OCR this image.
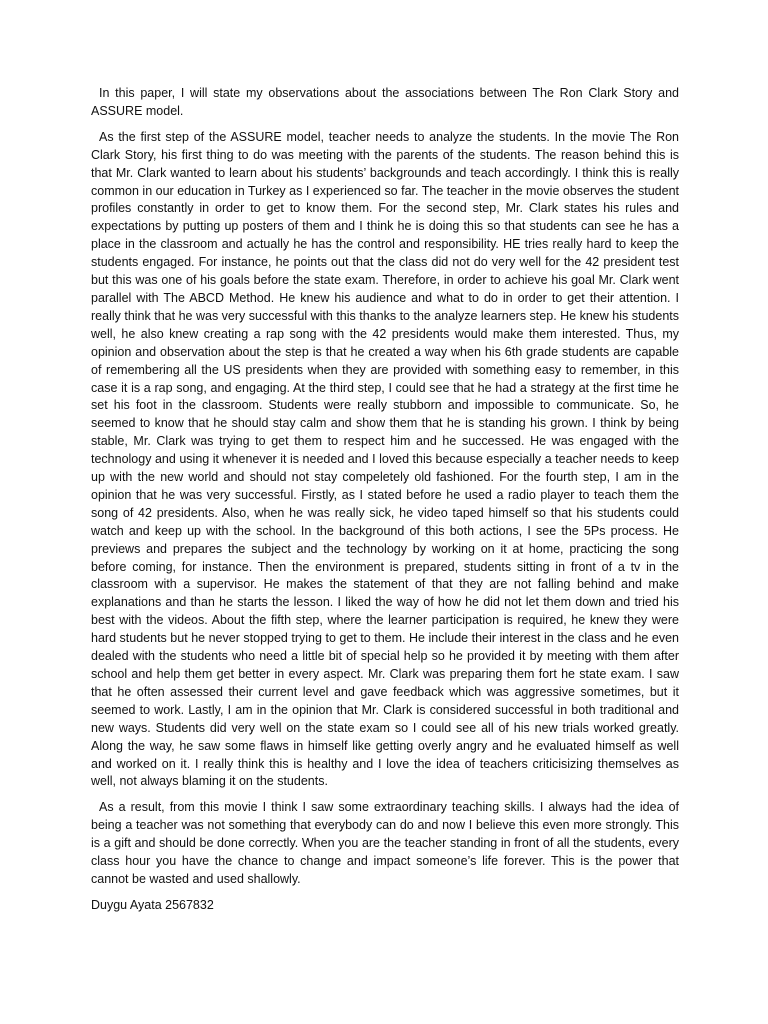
In this paper, I will state my observations about the associations between The Ron Clark Story and ASSURE model.

As the first step of the ASSURE model, teacher needs to analyze the students. In the movie The Ron Clark Story, his first thing to do was meeting with the parents of the students. The reason behind this is that Mr. Clark wanted to learn about his students’ backgrounds and teach accordingly. I think this is really common in our education in Turkey as I experienced so far. The teacher in the movie observes the student profiles constantly in order to get to know them. For the second step, Mr. Clark states his rules and expectations by putting up posters of them and I think he is doing this so that students can see he has a place in the classroom and actually he has the control and responsibility. HE tries really hard to keep the students engaged. For instance, he points out that the class did not do very well for the 42 president test but this was one of his goals before the state exam. Therefore, in order to achieve his goal Mr. Clark went parallel with The ABCD Method. He knew his audience and what to do in order to get their attention. I really think that he was very successful with this thanks to the analyze learners step. He knew his students well, he also knew creating a rap song with the 42 presidents would make them interested. Thus, my opinion and observation about the step is that he created a way when his 6th grade students are capable of remembering all the US presidents when they are provided with something easy to remember, in this case it is a rap song, and engaging. At the third step, I could see that he had a strategy at the first time he set his foot in the classroom. Students were really stubborn and impossible to communicate. So, he seemed to know that he should stay calm and show them that he is standing his grown. I think by being stable, Mr. Clark was trying to get them to respect him and he successed. He was engaged with the technology and using it whenever it is needed and I loved this because especially a teacher needs to keep up with the new world and should not stay compeletely old fashioned. For the fourth step, I am in the opinion that he was very successful. Firstly, as I stated before he used a radio player to teach them the song of 42 presidents. Also, when he was really sick, he video taped himself so that his students could watch and keep up with the school. In the background of this both actions, I see the 5Ps process. He previews and prepares the subject and the technology by working on it at home, practicing the song before coming, for instance. Then the environment is prepared, students sitting in front of a tv in the classroom with a supervisor. He makes the statement of that they are not falling behind and make explanations and than he starts the lesson. I liked the way of how he did not let them down and tried his best with the videos. About the fifth step, where the learner participation is required, he knew they were hard students but he never stopped trying to get to them. He include their interest in the class and he even dealed with the students who need a little bit of special help so he provided it by meeting with them after school and help them get better in every aspect. Mr. Clark was preparing them fort he state exam. I saw that he often assessed their current level and gave feedback which was aggressive sometimes, but it seemed to work. Lastly, I am in the opinion that Mr. Clark is considered successful in both traditional and new ways. Students did very well on the state exam so I could see all of his new trials worked greatly. Along the way, he saw some flaws in himself like getting overly angry and he evaluated himself as well and worked on it. I really think this is healthy and I love the idea of teachers criticisizing themselves as well, not always blaming it on the students.

As a result, from this movie I think I saw some extraordinary teaching skills. I always had the idea of being a teacher was not something that everybody can do and now I believe this even more strongly. This is a gift and should be done correctly. When you are the teacher standing in front of all the students, every class hour you have the chance to change and impact someone’s life forever. This is the power that cannot be wasted and used shallowly.

Duygu Ayata 2567832
